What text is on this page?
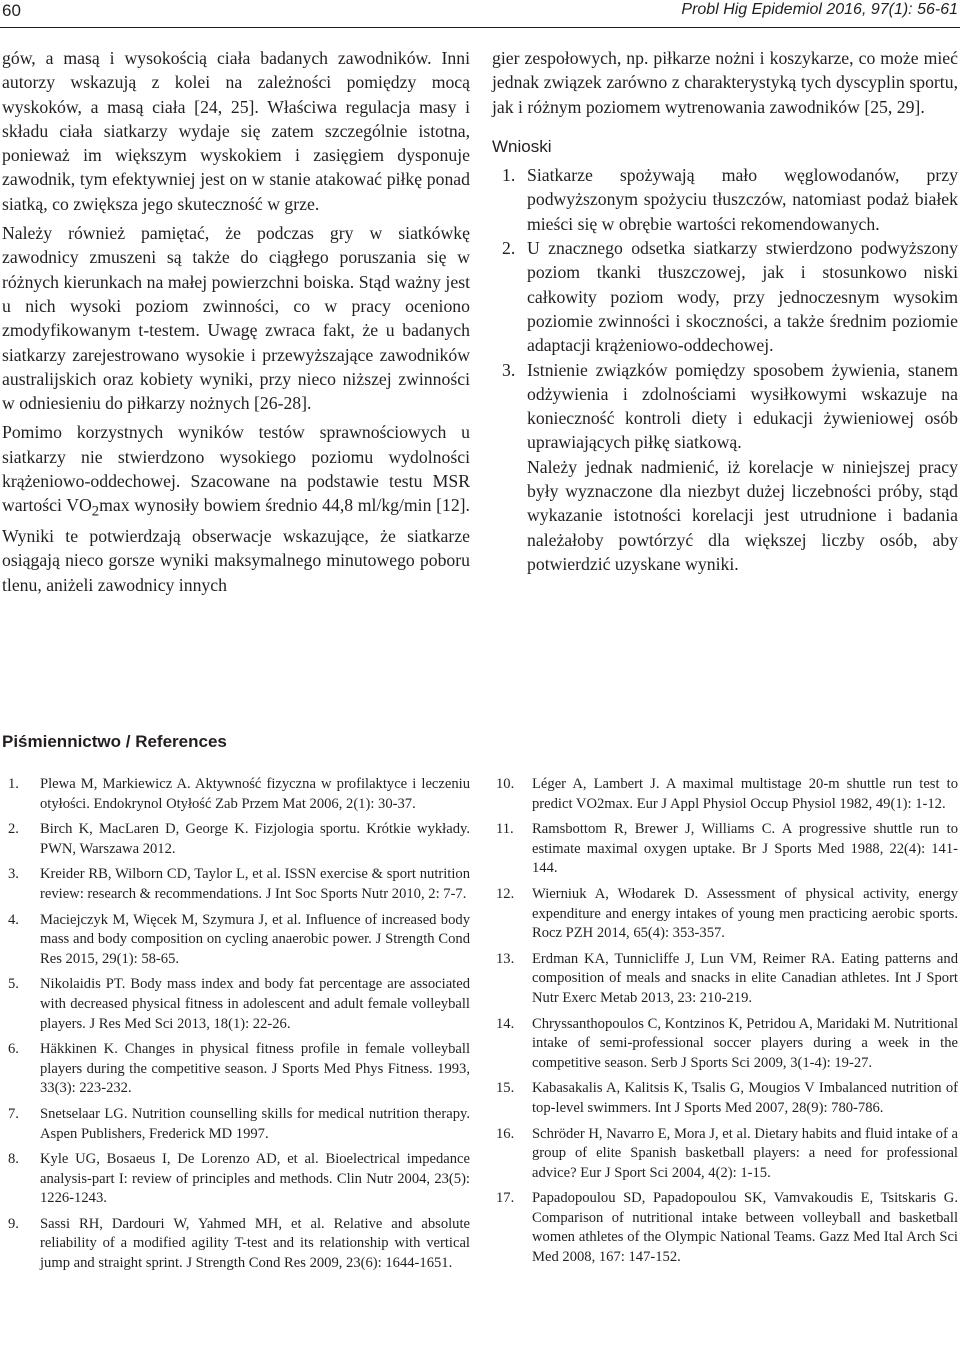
60	Probl Hig Epidemiol 2016, 97(1): 56-61

gów, a masą i wysokością ciała badanych zawodników. Inni autorzy wskazują z kolei na zależności pomiędzy mocą wyskoków, a masą ciała [24, 25]. Właściwa regulacja masy i składu ciała siatkarzy wydaje się zatem szczególnie istotna, ponieważ im większym wyskokiem i zasięgiem dysponuje zawodnik, tym efektywniej jest on w stanie atakować piłkę ponad siatką, co zwiększa jego skuteczność w grze.

Należy również pamiętać, że podczas gry w siatkówkę zawodnicy zmuszeni są także do ciągłego poruszania się w różnych kierunkach na małej powierzchni boiska. Stąd ważny jest u nich wysoki poziom zwinności, co w pracy oceniono zmodyfikowanym t-testem. Uwagę zwraca fakt, że u badanych siatkarzy zarejestrowano wysokie i przewyższające zawodników australijskich oraz kobiety wyniki, przy nieco niższej zwinności w odniesieniu do piłkarzy nożnych [26-28].

Pomimo korzystnych wyników testów sprawnościowych u siatkarzy nie stwierdzono wysokiego poziomu wydolności krążeniowo-oddechowej. Szacowane na podstawie testu MSR wartości $VO_2\max$ wynosiły bowiem średnio 44,8 ml/kg/min [12]. Wyniki te potwierdzają obserwacje wskazujące, że siatkarze osiągają nieco gorsze wyniki maksymalnego minutowego poboru tlenu, aniżeli zawodnicy innych

gier zespołowych, np. piłkarze nożni i koszykarze, co może mieć jednak związek zarówno z charakterystyką tych dyscyplin sportu, jak i różnym poziomem wytrenowania zawodników [25, 29].

Wnioski
1. Siatkarze spożywają mało węglowodanów, przy podwyższonym spożyciu tłuszczów, natomiast podaż białek mieści się w obrębie wartości rekomendowanych.
2. U znacznego odsetka siatkarzy stwierdzono podwyższony poziom tkanki tłuszczowej, jak i stosunkowo niski całkowity poziom wody, przy jednoczesnym wysokim poziomie zwinności i skoczności, a także średnim poziomie adaptacji krążeniowo-oddechowej.
3. Istnienie związków pomiędzy sposobem żywienia, stanem odżywienia i zdolnościami wysiłkowymi wskazuje na konieczność kontroli diety i edukacji żywieniowej osób uprawiających piłkę siatkową.

Należy jednak nadmienić, iż korelacje w niniejszej pracy były wyznaczone dla niezbyt dużej liczebności próby, stąd wykazanie istotności korelacji jest utrudnione i badania należałoby powtórzyć dla większej liczby osób, aby potwierdzić uzyskane wyniki.

Piśmiennictwo / References
1. Plewa M, Markiewicz A. Aktywność fizyczna w profilaktyce i leczeniu otyłości. Endokrynol Otyłość Zab Przem Mat 2006, 2(1): 30-37.
2. Birch K, MacLaren D, George K. Fizjologia sportu. Krótkie wykłady. PWN, Warszawa 2012.
3. Kreider RB, Wilborn CD, Taylor L, et al. ISSN exercise & sport nutrition review: research & recommendations. J Int Soc Sports Nutr 2010, 2: 7-7.
4. Maciejczyk M, Więcek M, Szymura J, et al. Influence of increased body mass and body composition on cycling anaerobic power. J Strength Cond Res 2015, 29(1): 58-65.
5. Nikolaidis PT. Body mass index and body fat percentage are associated with decreased physical fitness in adolescent and adult female volleyball players. J Res Med Sci 2013, 18(1): 22-26.
6. Häkkinen K. Changes in physical fitness profile in female volleyball players during the competitive season. J Sports Med Phys Fitness. 1993, 33(3): 223-232.
7. Snetselaar LG. Nutrition counselling skills for medical nutrition therapy. Aspen Publishers, Frederick MD 1997.
8. Kyle UG, Bosaeus I, De Lorenzo AD, et al. Bioelectrical impedance analysis-part I: review of principles and methods. Clin Nutr 2004, 23(5): 1226-1243.
9. Sassi RH, Dardouri W, Yahmed MH, et al. Relative and absolute reliability of a modified agility T-test and its relationship with vertical jump and straight sprint. J Strength Cond Res 2009, 23(6): 1644-1651.
10. Léger A, Lambert J. A maximal multistage 20-m shuttle run test to predict VO2max. Eur J Appl Physiol Occup Physiol 1982, 49(1): 1-12.
11. Ramsbottom R, Brewer J, Williams C. A progressive shuttle run to estimate maximal oxygen uptake. Br J Sports Med 1988, 22(4): 141-144.
12. Wierniuk A, Włodarek D. Assessment of physical activity, energy expenditure and energy intakes of young men practicing aerobic sports. Rocz PZH 2014, 65(4): 353-357.
13. Erdman KA, Tunnicliffe J, Lun VM, Reimer RA. Eating patterns and composition of meals and snacks in elite Canadian athletes. Int J Sport Nutr Exerc Metab 2013, 23: 210-219.
14. Chryssanthopoulos C, Kontzinos K, Petridou A, Maridaki M. Nutritional intake of semi-professional soccer players during a week in the competitive season. Serb J Sports Sci 2009, 3(1-4): 19-27.
15. Kabasakalis A, Kalitsis K, Tsalis G, Mougios V Imbalanced nutrition of top-level swimmers. Int J Sports Med 2007, 28(9): 780-786.
16. Schröder H, Navarro E, Mora J, et al. Dietary habits and fluid intake of a group of elite Spanish basketball players: a need for professional advice? Eur J Sport Sci 2004, 4(2): 1-15.
17. Papadopoulou SD, Papadopoulou SK, Vamvakoudis E, Tsitskaris G. Comparison of nutritional intake between volleyball and basketball women athletes of the Olympic National Teams. Gazz Med Ital Arch Sci Med 2008, 167: 147-152.
